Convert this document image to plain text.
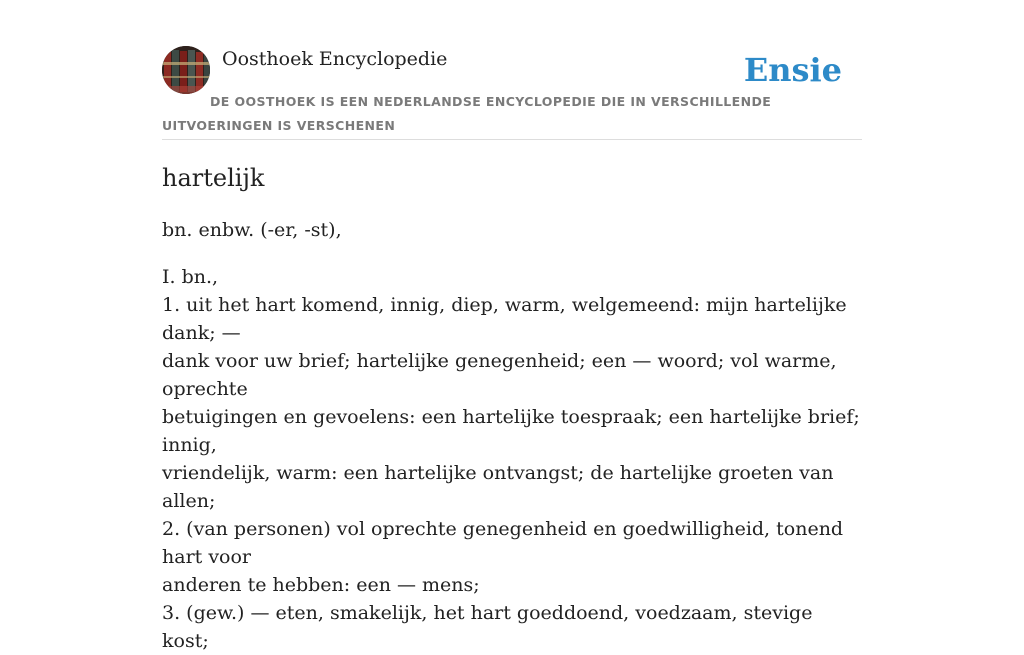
Oosthoek Encyclopedie	Ensie
DE OOSTHOEK IS EEN NEDERLANDSE ENCYCLOPEDIE DIE IN VERSCHILLENDE UITVOERINGEN IS VERSCHENEN
hartelijk
bn. enbw. (-er, -st),
I. bn.,
1. uit het hart komend, innig, diep, warm, welgemeend: mijn hartelijke dank; —
dank voor uw brief; hartelijke genegenheid; een — woord; vol warme, oprechte
betuigingen en gevoelens: een hartelijke toespraak; een hartelijke brief; innig,
vriendelijk, warm: een hartelijke ontvangst; de hartelijke groeten van allen;
2. (van personen) vol oprechte genegenheid en goedwilligheid, tonend hart voor
anderen te hebben: een — mens;
3. (gew.) — eten, smakelijk, het hart goeddoend, voedzaam, stevige kost;
